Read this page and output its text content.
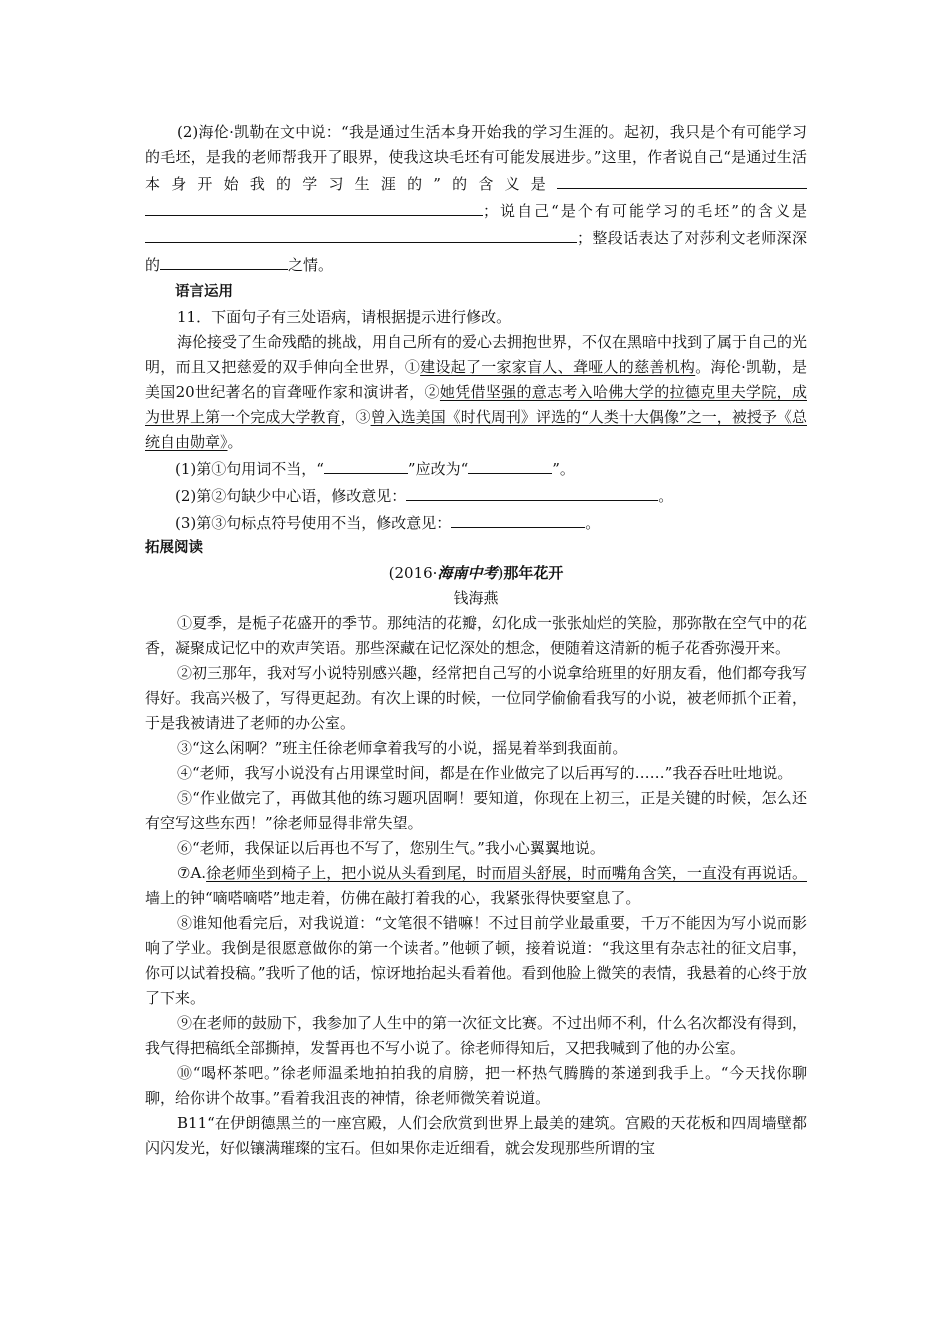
(2)海伦·凯勒在文中说：“我是通过生活本身开始我的学习生涯的。起初，我只是个有可能学习的毛坯，是我的老师帮我开了眼界，使我这块毛坯有可能发展进步。”这里，作者说自己“是通过生活本身开始我的学习生涯的”的含义是；说自己“是个有可能学习的毛坯”的含义是；整段话表达了对莎利文老师深深的	之情。

语言运用

11．下面句子有三处语病，请根据提示进行修改。

海伦接受了生命残酷的挑战，用自己所有的爱心去拥抱世界，不仅在黑暗中找到了属于自己的光明，而且又把慈爱的双手伸向全世界，①建设起了一家家盲人、聋哑人的慈善机构。海伦·凯勒，是美国20世纪著名的盲聋哑作家和演讲者，②她凭借坚强的意志考入哈佛大学的拉德克里夫学院，成为世界上第一个完成大学教育，③曾入选美国《时代周刊》评选的“人类十大偶像”之一，被授予《总统自由勋章》。

(1)第①句用词不当，“	”应改为“	”。

(2)第②句缺少中心语，修改意见：	。

(3)第③句标点符号使用不当，修改意见：	。

拓展阅读

(2016·海南中考)那年花开

钱海燕

①夏季，是栀子花盛开的季节。那纯洁的花瓣，幻化成一张张灿烂的笑脸，那弥散在空气中的花香，凝聚成记忆中的欢声笑语。那些深藏在记忆深处的想念，便随着这清新的栀子花香弥漫开来。

②初三那年，我对写小说特别感兴趣，经常把自己写的小说拿给班里的好朋友看，他们都夸我写得好。我高兴极了，写得更起劲。有次上课的时候，一位同学偷偷看我写的小说，被老师抓个正着，于是我被请进了老师的办公室。

③“这么闲啊？”班主任徐老师拿着我写的小说，摇晃着举到我面前。

④“老师，我写小说没有占用课堂时间，都是在作业做完了以后再写的……”我吞吞吐吐地说。

⑤“作业做完了，再做其他的练习题巩固啊！要知道，你现在上初三，正是关键的时候，怎么还有空写这些东西！”徐老师显得非常失望。

⑥“老师，我保证以后再也不写了，您别生气。”我小心翼翼地说。

⑦A.徐老师坐到椅子上，把小说从头看到尾，时而眉头舒展，时而嘴角含笑，一直没有再说话。墙上的钟“嘀嗒嘀嗒”地走着，仿佛在敲打着我的心，我紧张得快要窒息了。

⑧谁知他看完后，对我说道：“文笔很不错嘛！不过目前学业最重要，千万不能因为写小说而影响了学业。我倒是很愿意做你的第一个读者。”他顿了顿，接着说道：“我这里有杂志社的征文启事，你可以试着投稿。”我听了他的话，惊讶地抬起头看着他。看到他脸上微笑的表情，我悬着的心终于放了下来。

⑨在老师的鼓励下，我参加了人生中的第一次征文比赛。不过出师不利，什么名次都没有得到，我气得把稿纸全部撕掉，发誓再也不写小说了。徐老师得知后，又把我喊到了他的办公室。

⑩“喝杯茶吧。”徐老师温柔地拍拍我的肩膀，把一杯热气腾腾的茶递到我手上。“今天找你聊聊，给你讲个故事。”看着我沮丧的神情，徐老师微笑着说道。

B11“在伊朗德黑兰的一座宫殿，人们会欣赏到世界上最美的建筑。宫殿的天花板和四周墙壁都闪闪发光，好似镶满璀璨的宝石。但如果你走近细看，就会发现那些所谓的宝
